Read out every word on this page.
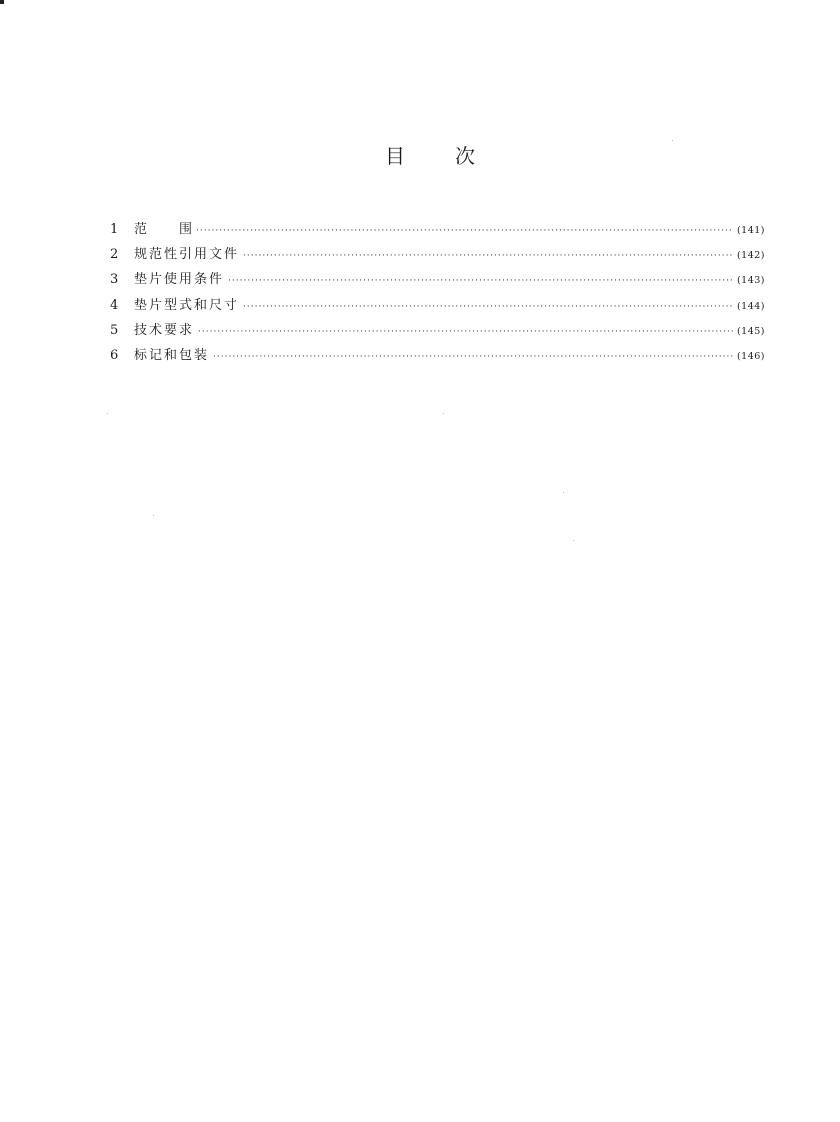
目	次
1	范 围 ·····	(141)
2	规范性引用文件 ·····	(142)
3	垫片使用条件 ·····	(143)
4	垫片型式和尺寸 ·····	(144)
5	技术要求 ·····	(145)
6	标记和包装 ·····	(146)
